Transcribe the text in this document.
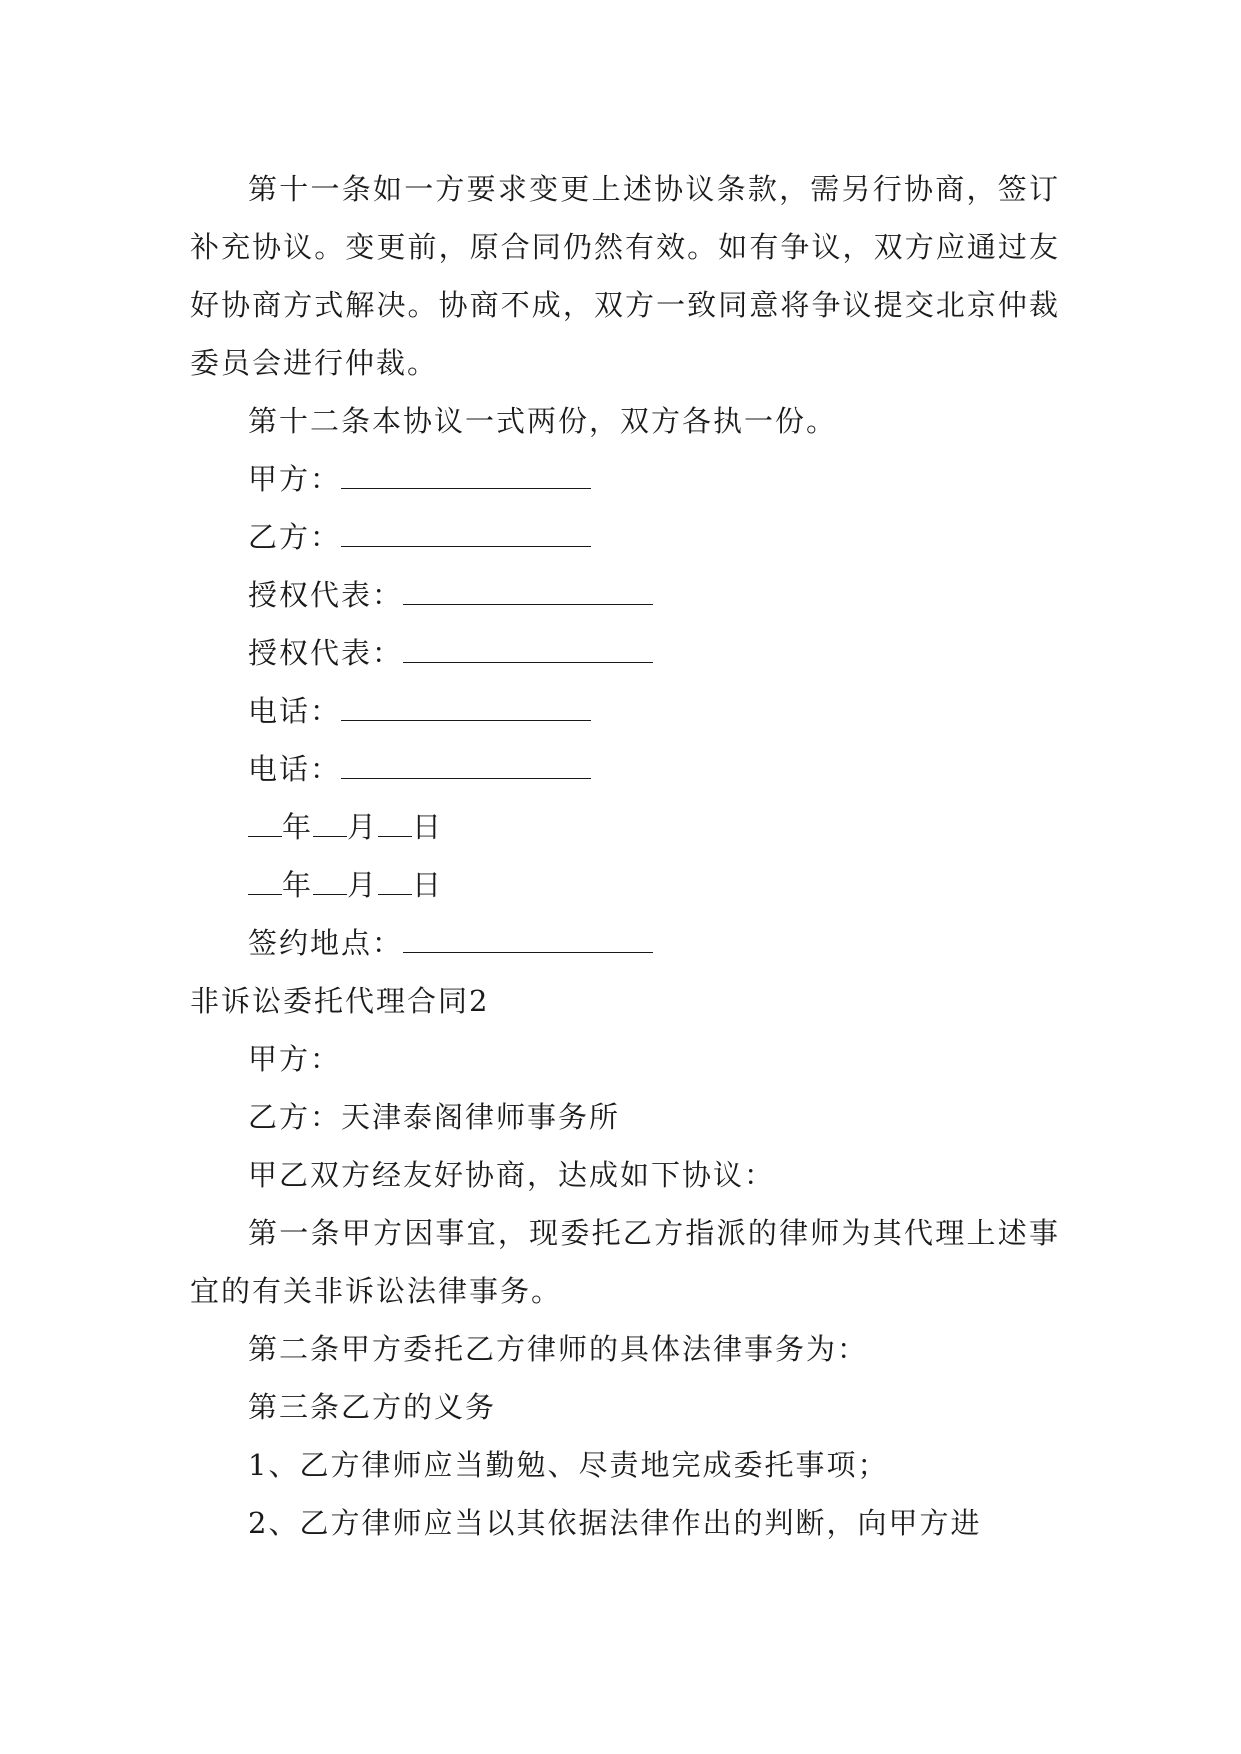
第十一条如一方要求变更上述协议条款，需另行协商，签订补充协议。变更前，原合同仍然有效。如有争议，双方应通过友好协商方式解决。协商不成，双方一致同意将争议提交北京仲裁委员会进行仲裁。

第十二条本协议一式两份，双方各执一份。

甲方：

乙方：

授权代表：

授权代表：

电话：

电话：

年 月 日

年 月 日

签约地点：

非诉讼委托代理合同2

甲方：

乙方：天津泰阁律师事务所

甲乙双方经友好协商，达成如下协议：

第一条甲方因事宜，现委托乙方指派的律师为其代理上述事宜的有关非诉讼法律事务。

第二条甲方委托乙方律师的具体法律事务为：

第三条乙方的义务

1、乙方律师应当勤勉、尽责地完成委托事项；

2、乙方律师应当以其依据法律作出的判断，向甲方进
